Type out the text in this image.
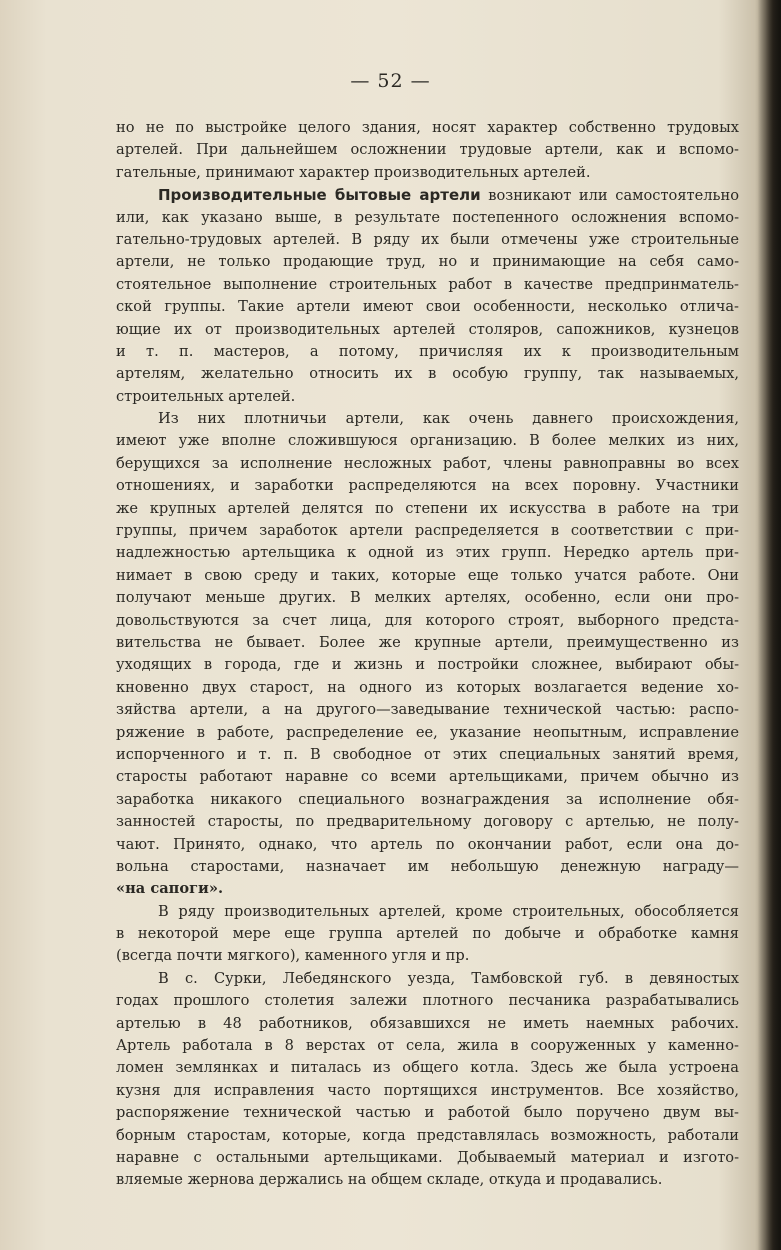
— 52 —
но не по выстройке целого здания, носят характер собственно трудовых
артелей. При дальнейшем осложнении трудовые артели, как и вспомо-
гательные, принимают характер производительных артелей.
Производительные бытовые артели возникают или самостоятельно
или, как указано выше, в результате постепенного осложнения вспомо-
гательно-трудовых артелей. В ряду их были отмечены уже строительные
артели, не только продающие труд, но и принимающие на себя само-
стоятельное выполнение строительных работ в качестве предпринматель-
ской группы. Такие артели имеют свои особенности, несколько отлича-
ющие их от производительных артелей столяров, сапожников, кузнецов
и т. п. мастеров, а потому, причисляя их к производительным
артелям, желательно относить их в особую группу, так называемых,
строительных артелей.
Из них плотничьи артели, как очень давнего происхождения,
имеют уже вполне сложившуюся организацию. В более мелких из них,
берущихся за исполнение несложных работ, члены равноправны во всех
отношениях, и заработки распределяются на всех поровну. Участники
же крупных артелей делятся по степени их искусства в работе на три
группы, причем заработок артели распределяется в соответствии с при-
надлежностью артельщика к одной из этих групп. Нередко артель при-
нимает в свою среду и таких, которые еще только учатся работе. Они
получают меньше других. В мелких артелях, особенно, если они про-
довольствуются за счет лица, для которого строят, выборного предста-
вительства не бывает. Более же крупные артели, преимущественно из
уходящих в города, где и жизнь и постройки сложнее, выбирают обы-
кновенно двух старост, на одного из которых возлагается ведение хо-
зяйства артели, а на другого—заведывание технической частью: распо-
ряжение в работе, распределение ее, указание неопытным, исправление
испорченного и т. п. В свободное от этих специальных занятий время,
старосты работают наравне со всеми артельщиками, причем обычно из
заработка никакого специального вознаграждения за исполнение обя-
занностей старосты, по предварительному договору с артелью, не полу-
чают. Принято, однако, что артель по окончании работ, если она до-
вольна старостами, назначает им небольшую денежную награду—
«на сапоги».
В ряду производительных артелей, кроме строительных, обособляется
в некоторой мере еще группа артелей по добыче и обработке камня
(всегда почти мягкого), каменного угля и пр.
В с. Сурки, Лебедянского уезда, Тамбовской губ. в девяностых
годах прошлого столетия залежи плотного песчаника разрабатывались
артелью в 48 работников, обязавшихся не иметь наемных рабочих.
Артель работала в 8 верстах от села, жила в сооруженных у каменно-
ломен землянках и питалась из общего котла. Здесь же была устроена
кузня для исправления часто портящихся инструментов. Все хозяйство,
распоряжение технической частью и работой было поручено двум вы-
борным старостам, которые, когда представлялась возможность, работали
наравне с остальными артельщиками. Добываемый материал и изгото-
вляемые жернова держались на общем складе, откуда и продавались.
